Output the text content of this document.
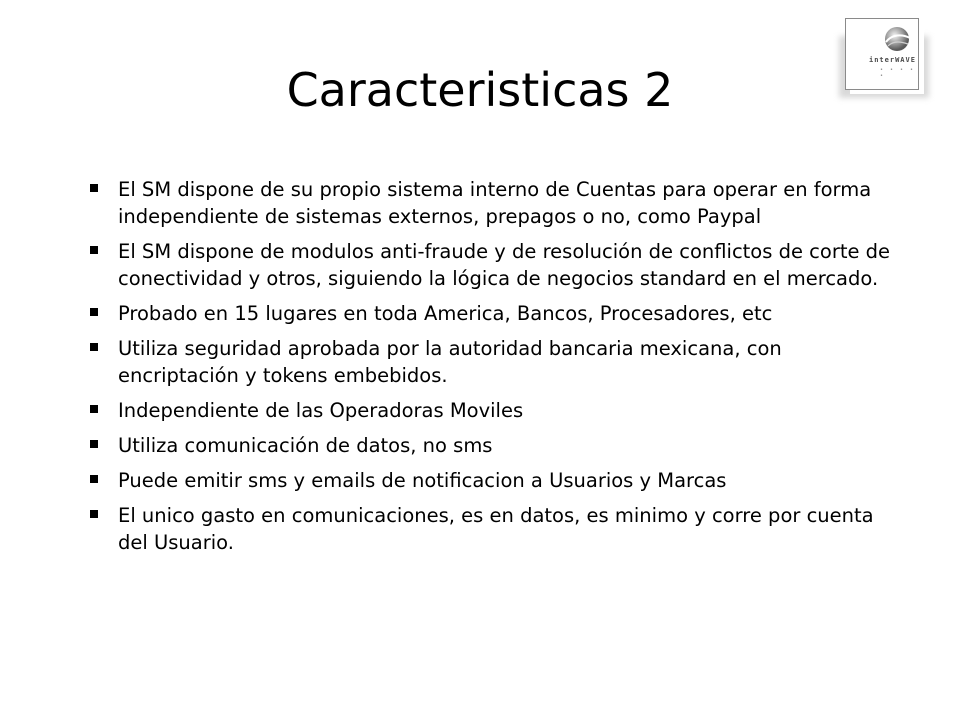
interWAVE
• • • • •
Caracteristicas 2
El SM dispone de su propio sistema interno de Cuentas para operar en forma independiente de sistemas externos, prepagos o no, como Paypal
El SM dispone de modulos anti-fraude y de resolución de conflictos de corte de conectividad y otros, siguiendo la lógica de negocios standard en el mercado.
Probado en 15 lugares en toda America, Bancos, Procesadores, etc
Utiliza seguridad aprobada por la autoridad bancaria mexicana, con encriptación y tokens embebidos.
Independiente de las Operadoras Moviles
Utiliza comunicación de datos, no sms
Puede emitir sms y emails de notificacion a Usuarios y Marcas
El unico gasto en comunicaciones, es en datos, es minimo y corre por cuenta del Usuario.
